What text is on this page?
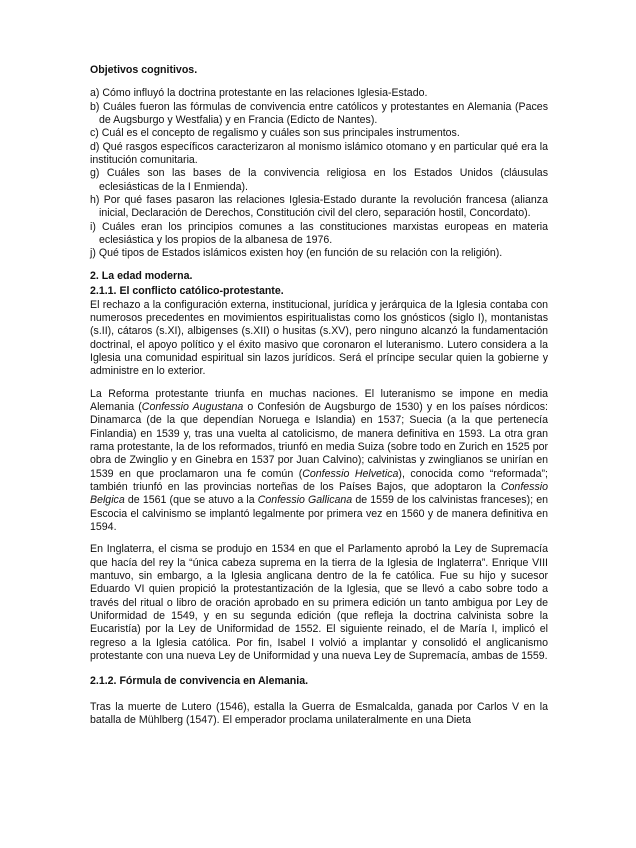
Objetivos cognitivos.
a) Cómo influyó la doctrina protestante en las relaciones Iglesia-Estado.
b) Cuáles fueron las fórmulas de convivencia entre católicos y protestantes en Alemania (Paces de Augsburgo y Westfalia) y en Francia (Edicto de Nantes).
c) Cuál es el concepto de regalismo y cuáles son sus principales instrumentos.
d) Qué rasgos específicos caracterizaron al monismo islámico otomano y en particular qué era la institución comunitaria.
g) Cuáles son las bases de la convivencia religiosa en los Estados Unidos (cláusulas eclesiásticas de la I Enmienda).
h) Por qué fases pasaron las relaciones Iglesia-Estado durante la revolución francesa (alianza inicial, Declaración de Derechos, Constitución civil del clero, separación hostil, Concordato).
i) Cuáles eran los principios comunes a las constituciones marxistas europeas en materia eclesiástica y los propios de la albanesa de 1976.
j) Qué tipos de Estados islámicos existen hoy (en función de su relación con la religión).
2. La edad moderna.
2.1.1. El conflicto católico-protestante.

El rechazo a la configuración externa, institucional, jurídica y jerárquica de la Iglesia contaba con numerosos precedentes en movimientos espiritualistas como los gnósticos (siglo I), montanistas (s.II), cátaros (s.XI), albigenses (s.XII) o husitas (s.XV), pero ninguno alcanzó la fundamentación doctrinal, el apoyo político y el éxito masivo que coronaron el luteranismo. Lutero considera a la Iglesia una comunidad espiritual sin lazos jurídicos. Será el príncipe secular quien la gobierne y administre en lo exterior.

La Reforma protestante triunfa en muchas naciones. El luteranismo se impone en media Alemania (Confessio Augustana o Confesión de Augsburgo de 1530) y en los países nórdicos: Dinamarca (de la que dependían Noruega e Islandia) en 1537; Suecia (a la que pertenecía Finlandia) en 1539 y, tras una vuelta al catolicismo, de manera definitiva en 1593. La otra gran rama protestante, la de los reformados, triunfó en media Suiza (sobre todo en Zurich en 1525 por obra de Zwinglio y en Ginebra en 1537 por Juan Calvino); calvinistas y zwinglianos se unirían en 1539 en que proclamaron una fe común (Confessio Helvetica), conocida como “reformada”; también triunfó en las provincias norteñas de los Países Bajos, que adoptaron la Confessio Belgica de 1561 (que se atuvo a la Confessio Gallicana de 1559 de los calvinistas franceses); en Escocia el calvinismo se implantó legalmente por primera vez en 1560 y de manera definitiva en 1594.

En Inglaterra, el cisma se produjo en 1534 en que el Parlamento aprobó la Ley de Supremacía que hacía del rey la “única cabeza suprema en la tierra de la Iglesia de Inglaterra”. Enrique VIII mantuvo, sin embargo, a la Iglesia anglicana dentro de la fe católica. Fue su hijo y sucesor Eduardo VI quien propició la protestantización de la Iglesia, que se llevó a cabo sobre todo a través del ritual o libro de oración aprobado en su primera edición un tanto ambigua por Ley de Uniformidad de 1549, y en su segunda edición (que refleja la doctrina calvinista sobre la Eucaristía) por la Ley de Uniformidad de 1552. El siguiente reinado, el de María I, implicó el regreso a la Iglesia católica. Por fin, Isabel I volvió a implantar y consolidó el anglicanismo protestante con una nueva Ley de Uniformidad y una nueva Ley de Supremacía, ambas de 1559.

2.1.2. Fórmula de convivencia en Alemania.

Tras la muerte de Lutero (1546), estalla la Guerra de Esmalcalda, ganada por Carlos V en la batalla de Mühlberg (1547). El emperador proclama unilateralmente en una Dieta
